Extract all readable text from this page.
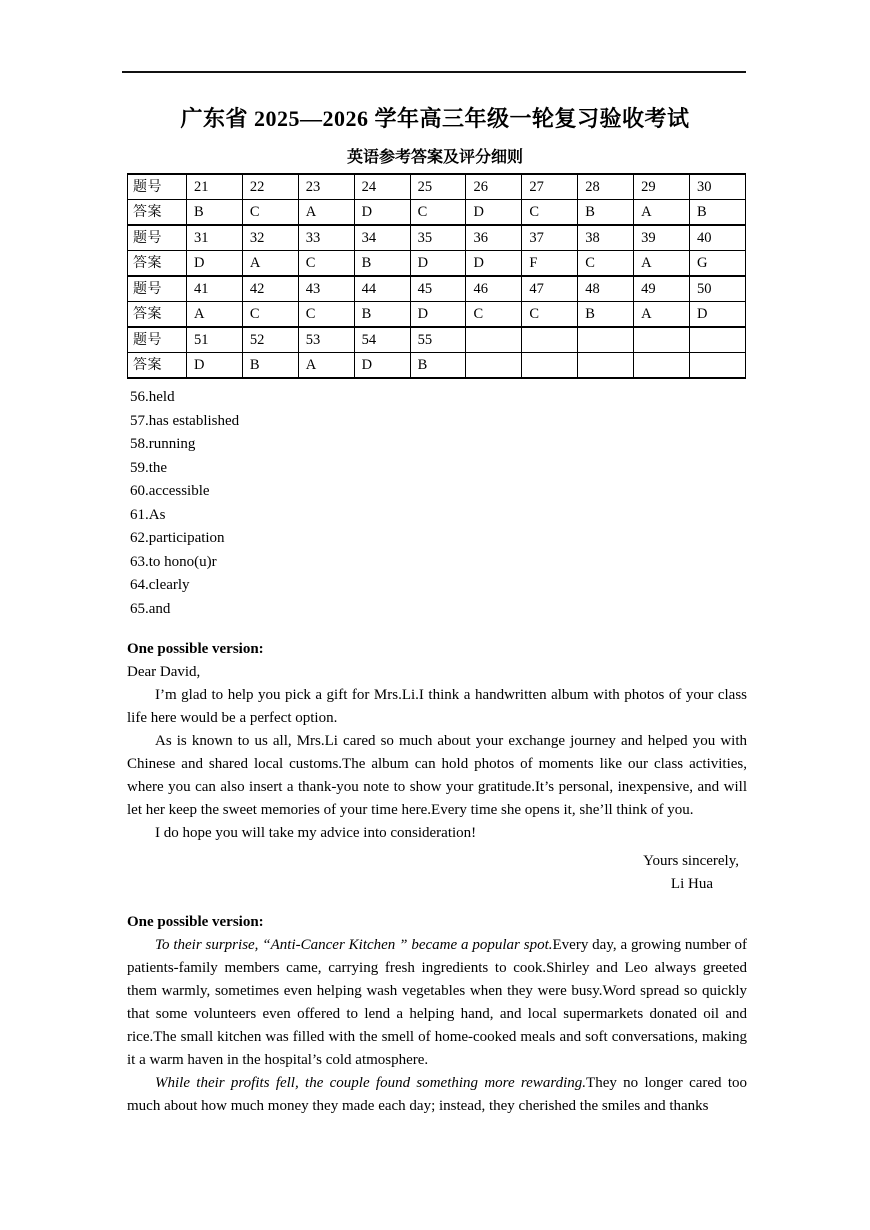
广东省 2025—2026 学年高三年级一轮复习验收考试
英语参考答案及评分细则
题号	21	22	23	24	25	26	27	28	29	30
答案	B	C	A	D	C	D	C	B	A	B
题号	31	32	33	34	35	36	37	38	39	40
答案	D	A	C	B	D	D	F	C	A	G
题号	41	42	43	44	45	46	47	48	49	50
答案	A	C	C	B	D	C	C	B	A	D
题号	51	52	53	54	55					
答案	D	B	A	D	B					
56.held
57.has established
58.running
59.the
60.accessible
61.As
62.participation
63.to hono(u)r
64.clearly
65.and
One possible version:
Dear David,

I’m glad to help you pick a gift for Mrs.Li.I think a handwritten album with photos of your class life here would be a perfect option.

As is known to us all, Mrs.Li cared so much about your exchange journey and helped you with Chinese and shared local customs.The album can hold photos of moments like our class activities, where you can also insert a thank-you note to show your gratitude.It’s personal, inexpensive, and will let her keep the sweet memories of your time here.Every time she opens it, she’ll think of you.

I do hope you will take my advice into consideration!

Yours sincerely,
Li Hua
One possible version:

To their surprise, “Anti-Cancer Kitchen ” became a popular spot.Every day, a growing number of patients-family members came, carrying fresh ingredients to cook.Shirley and Leo always greeted them warmly, sometimes even helping wash vegetables when they were busy.Word spread so quickly that some volunteers even offered to lend a helping hand, and local supermarkets donated oil and rice.The small kitchen was filled with the smell of home-cooked meals and soft conversations, making it a warm haven in the hospital’s cold atmosphere.

While their profits fell, the couple found something more rewarding.They no longer cared too much about how much money they made each day; instead, they cherished the smiles and thanks
